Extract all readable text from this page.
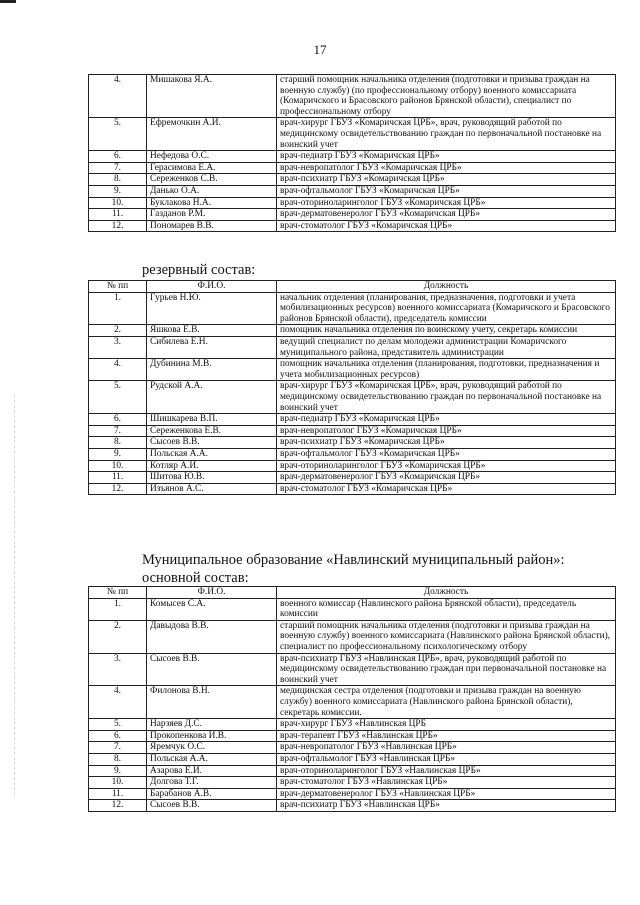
17
4.	Мишакова Я.А.	старший помощник начальника отделения (подготовки и призыва граждан на военную службу) (по профессиональному отбору) военного комиссариата (Комаричского и Брасовского районов Брянской области), специалист по профессиональному отбору
5.	Ефремочкин А.И.	врач-хирург ГБУЗ «Комаричская ЦРБ», врач, руководящий работой по медицинскому освидетельствованию граждан по первоначальной постановке на воинский учет
6.	Нефедова О.С.	врач-педиатр ГБУЗ «Комаричская ЦРБ»
7.	Герасимова Е.А.	врач-невропатолог ГБУЗ «Комаричская ЦРБ»
8.	Сереженков С.В.	врач-психиатр ГБУЗ «Комаричская ЦРБ»
9.	Данько О.А.	врач-офтальмолог ГБУЗ «Комаричская ЦРБ»
10.	Буклакова Н.А.	врач-оториноларинголог ГБУЗ «Комаричская ЦРБ»
11.	Газданов Р.М.	врач-дерматовенеролог ГБУЗ «Комаричская ЦРБ»
12.	Пономарев В.В.	врач-стоматолог ГБУЗ «Комаричская ЦРБ»
резервный состав:
№ пп	Ф.И.О.	Должность
1.	Гурьев Н.Ю.	начальник отделения (планирования, предназначения, подготовки и учета мобилизационных ресурсов) военного комиссариата (Комаричского и Брасовского районов Брянской области), председатель комиссии
2.	Яшкова Е.В.	помощник начальника отделения по воинскому учету, секретарь комиссии
3.	Сибилева Е.Н.	ведущий специалист по делам молодежи администрации Комаричского муниципального района, представитель администрации
4.	Дубинина М.В.	помощник начальника отделения (планирования, подготовки, предназначения и учета мобилизационных ресурсов)
5.	Рудской А.А.	врач-хирург ГБУЗ «Комаричская ЦРБ», врач, руководящий работой по медицинскому освидетельствованию граждан по первоначальной постановке на воинский учет
6.	Шишкарева В.П.	врач-педиатр ГБУЗ «Комаричская ЦРБ»
7.	Сереженкова Е.В.	врач-невропатолог ГБУЗ «Комаричская ЦРБ»
8.	Сысоев В.В.	врач-психиатр ГБУЗ «Комаричская ЦРБ»
9.	Польская А.А.	врач-офтальмолог ГБУЗ «Комаричская ЦРБ»
10.	Котляр А.И.	врач-оториноларинголог ГБУЗ «Комаричская ЦРБ»
11.	Шитова Ю.В.	врач-дерматовенеролог ГБУЗ «Комаричская ЦРБ»
12.	Изъянов А.С.	врач-стоматолог ГБУЗ «Комаричская ЦРБ»
Муниципальное образование «Навлинский муниципальный район»:
основной состав:
№ пп	Ф.И.О.	Должность
1.	Комысев С.А.	военного комиссар (Навлинского района Брянской области), председатель комиссии
2.	Давыдова В.В.	старший помощник начальника отделения (подготовки и призыва граждан на военную службу) военного комиссариата (Навлинского района Брянской области), специалист по профессиональному психологическому отбору
3.	Сысоев В.В.	врач-психиатр ГБУЗ «Навлинская ЦРБ», врач, руководящий работой по медицинскому освидетельствованию граждан при первоначальной постановке на воинский учет
4.	Филонова В.Н.	медицинская сестра отделения (подготовки и призыва граждан на военную службу) военного комиссариата (Навлинского района Брянской области), секретарь комиссии.
5.	Нарзяев Д.С.	врач-хирург ГБУЗ «Навлинская ЦРБ
6.	Прокопенкова И.В.	врач-терапевт ГБУЗ «Навлинская ЦРБ»
7.	Яремчук О.С.	врач-невропатолог ГБУЗ «Навлинская ЦРБ»
8.	Польская А.А.	врач-офтальмолог ГБУЗ «Навлинская ЦРБ»
9.	Азарова Е.И.	врач-оториноларинголог ГБУЗ «Навлинская ЦРБ»
10.	Долгова Т.Г.	врач-стоматолог ГБУЗ «Навлинская ЦРБ»
11.	Барабанов А.В.	врач-дерматовенеролог ГБУЗ «Навлинская ЦРБ»
12.	Сысоев В.В.	врач-психиатр ГБУЗ «Навлинская ЦРБ»
